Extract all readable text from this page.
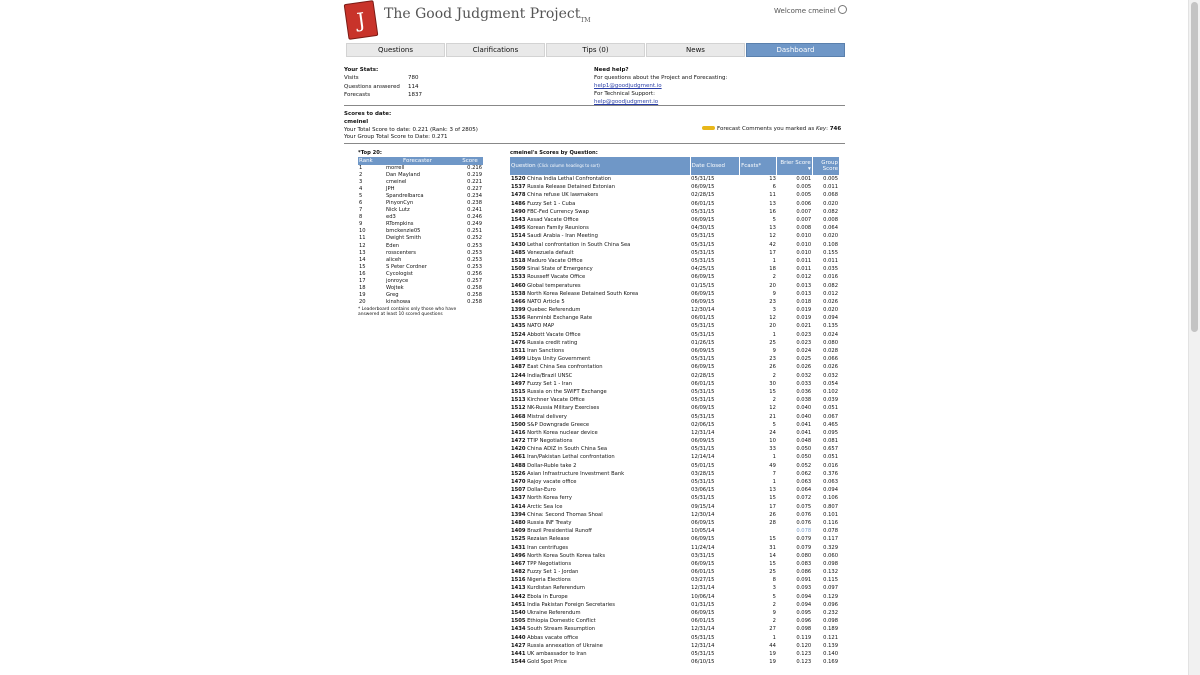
J	The Good Judgment Project$_{TM}$
Welcome cmeinel
Questions	Clarifications	Tips (0)	News	Dashboard
Your Stats:
Visits	780
Questions answered	114
Forecasts	1837
Need help?
For questions about the Project and Forecasting:
help1@goodjudgment.io
For Technical Support:
help@goodjudgment.io
Scores to date:
cmeinel
Your Total Score to date: 0.221 (Rank: 3 of 2805)
Your Group Total Score to Date: 0.271
Forecast Comments you marked as Key: 746
*Top 20:
Rank	Forecaster	Score
1	morrell	0.216
2	Dan Mayland	0.219
3	cmeinel	0.221
4	JPH	0.227
5	Spandrelbarca	0.234
6	PinyonCyn	0.238
7	Nick Lutz	0.241
8	ed3	0.246
9	RTompkins	0.249
10	bmckenzie05	0.251
11	Dwight Smith	0.252
12	Eden	0.253
13	rosscenters	0.253
14	aliceh	0.253
15	S Peter Cordner	0.253
16	Cycologist	0.256
17	jonroyce	0.257
18	Wojtek	0.258
19	Greg	0.258
20	kinshowa	0.258
* Leaderboard contains only those who have answered at least 10 scored questions
cmeinel's Scores by Question:
Question (Click column headings to sort)	Date Closed	Fcasts*	Brier Score ▾	Group Score
1520 China India Lethal Confrontation	05/31/15	13	0.001	0.005
1537 Russia Release Detained Estonian	06/09/15	6	0.005	0.011
1478 China refuse UK lawmakers	02/28/15	11	0.005	0.068
1486 Fuzzy Set 1 - Cuba	06/01/15	13	0.006	0.020
1490 FBC-Fed Currency Swap	05/31/15	16	0.007	0.082
1543 Assad Vacate Office	06/09/15	5	0.007	0.008
1495 Korean Family Reunions	04/30/15	13	0.008	0.064
1514 Saudi Arabia - Iran Meeting	05/31/15	12	0.010	0.020
1430 Lethal confrontation in South China Sea	05/31/15	42	0.010	0.108
1485 Venezuela default	05/31/15	17	0.010	0.155
1518 Maduro Vacate Office	05/31/15	1	0.011	0.011
1509 Sinai State of Emergency	04/25/15	18	0.011	0.035
1533 Rousseff Vacate Office	06/09/15	2	0.012	0.016
1460 Global temperatures	01/15/15	20	0.013	0.082
1538 North Korea Release Detained South Korea	06/09/15	9	0.013	0.012
1466 NATO Article 5	06/09/15	23	0.018	0.026
1399 Quebec Referendum	12/30/14	3	0.019	0.020
1536 Renminbi Exchange Rate	06/01/15	12	0.019	0.094
1435 NATO MAP	05/31/15	20	0.021	0.135
1524 Abbott Vacate Office	05/31/15	1	0.023	0.024
1476 Russia credit rating	01/26/15	25	0.023	0.080
1511 Iran Sanctions	06/09/15	9	0.024	0.028
1499 Libya Unity Government	05/31/15	23	0.025	0.066
1487 East China Sea confrontation	06/09/15	26	0.026	0.026
1244 India/Brazil UNSC	02/28/15	2	0.032	0.032
1497 Fuzzy Set 1 - Iran	06/01/15	30	0.033	0.054
1515 Russia on the SWIFT Exchange	05/31/15	15	0.036	0.102
1513 Kirchner Vacate Office	05/31/15	2	0.038	0.039
1512 NK-Russia Military Exercises	06/09/15	12	0.040	0.051
1468 Mistral delivery	05/31/15	21	0.040	0.067
1500 S&P Downgrade Greece	02/06/15	5	0.041	0.465
1416 North Korea nuclear device	12/31/14	24	0.041	0.095
1472 TTIP Negotiations	06/09/15	10	0.048	0.081
1420 China ADIZ in South China Sea	05/31/15	33	0.050	0.657
1461 Iran/Pakistan Lethal confrontation	12/14/14	1	0.050	0.051
1488 Dollar-Ruble take 2	05/01/15	49	0.052	0.016
1526 Asian Infrastructure Investment Bank	03/28/15	7	0.062	0.376
1470 Rajoy vacate office	05/31/15	1	0.063	0.063
1507 Dollar-Euro	03/06/15	13	0.064	0.094
1437 North Korea ferry	05/31/15	15	0.072	0.106
1414 Arctic Sea Ice	09/15/14	17	0.075	0.807
1394 China: Second Thomas Shoal	12/30/14	26	0.076	0.101
1480 Russia INF Treaty	06/09/15	28	0.076	0.116
1409 Brazil Presidential Runoff	10/05/14		0.078	0.078
1525 Rezaian Release	06/09/15	15	0.079	0.117
1431 Iran centrifuges	11/24/14	31	0.079	0.329
1496 North Korea South Korea talks	03/31/15	14	0.080	0.060
1467 TPP Negotiations	06/09/15	15	0.083	0.098
1482 Fuzzy Set 1 - Jordan	06/01/15	25	0.086	0.132
1516 Nigeria Elections	03/27/15	8	0.091	0.115
1413 Kurdistan Referendum	12/31/14	3	0.093	0.097
1442 Ebola in Europe	10/06/14	5	0.094	0.129
1451 India Pakistan Foreign Secretaries	01/31/15	2	0.094	0.096
1540 Ukraine Referendum	06/09/15	9	0.095	0.232
1505 Ethiopia Domestic Conflict	06/01/15	2	0.096	0.098
1434 South Stream Resumption	12/31/14	27	0.098	0.189
1440 Abbas vacate office	05/31/15	1	0.119	0.121
1427 Russia annexation of Ukraine	12/31/14	44	0.120	0.139
1441 UK ambassador to Iran	05/31/15	19	0.123	0.140
1544 Gold Spot Price	06/10/15	19	0.123	0.169
